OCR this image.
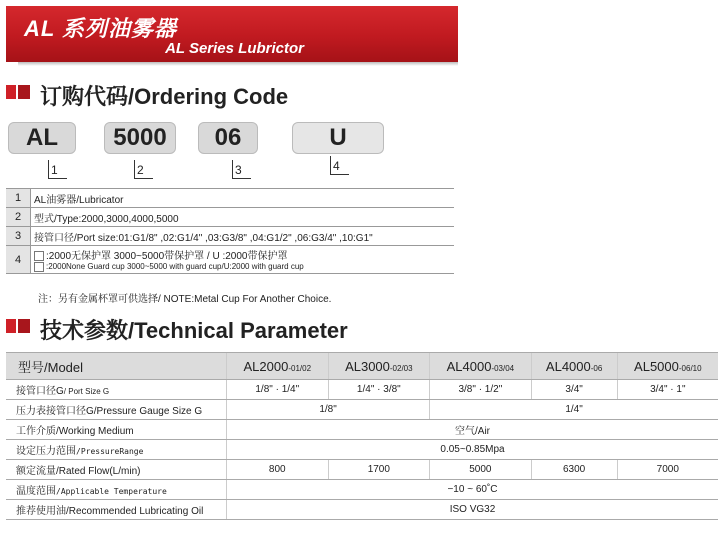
AL 系列油雾器
AL Series Lubrictor
订购代码/Ordering Code
AL	5000	06	U
1	2	3	4
1	AL油雾器/Lubricator
2	型式/Type:2000,3000,4000,5000
3	接管口径/Port size:01:G1/8" ,02:G1/4" ,03:G3/8" ,04:G1/2" ,06:G3/4" ,10:G1"
4	:2000无保护罩 3000~5000带保护罩 / U :2000带保护罩
:2000None Guard cup 3000~5000 with guard cup/U:2000 with guard cup
注：另有金属杯罩可供选择/ NOTE:Metal Cup For Another Choice.
技术参数/Technical Parameter
型号/Model	AL2000-01/02	AL3000-02/03	AL4000-03/04	AL4000-06	AL5000-06/10
接管口径G/ Port Size G	1/8" · 1/4"	1/4" · 3/8"	3/8" · 1/2"	3/4"	3/4" · 1"
压力表接管口径G/Pressure Gauge Size G	1/8"		1/4"		
工作介质/Working Medium	空气/Air				
设定压力范围/PressureRange	0.05~0.85Mpa				
额定流量/Rated Flow(L/min)	800	1700	5000	6300	7000
温度范围/Applicable Temperature	−10 ~ 60˚C				
推荐使用油/Recommended Lubricating Oil	ISO VG32				
